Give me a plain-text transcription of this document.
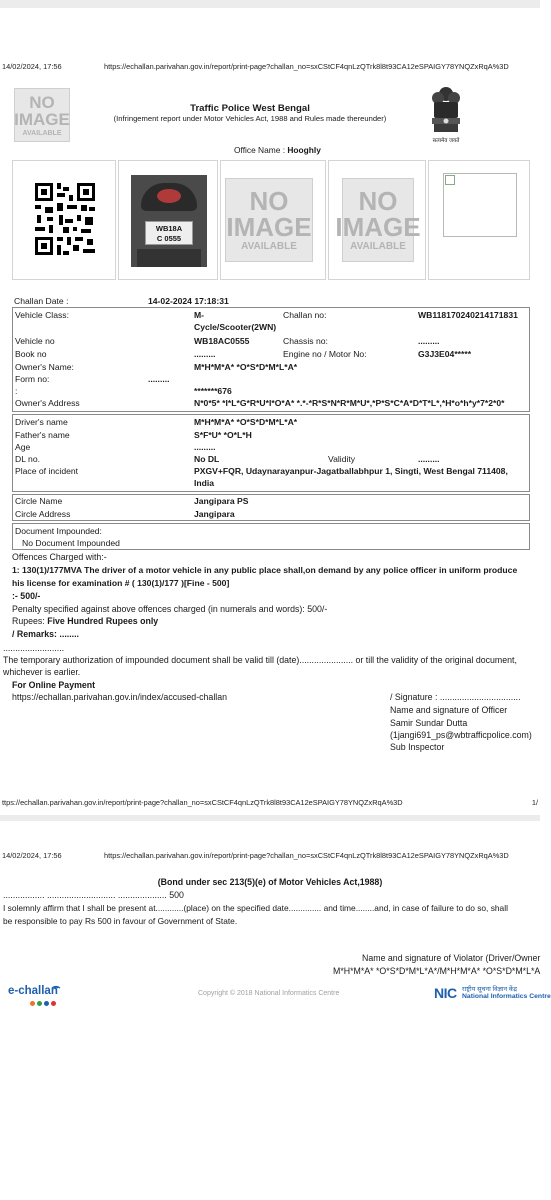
14/02/2024, 17:56	https://echallan.parivahan.gov.in/report/print-page?challan_no=sxCStCF4qnLzQTrk8l8t93CA12eSPAIGY78YNQZxRqA%3D
NO
IMAGE
AVAILABLE
Traffic Police West Bengal
(Infringement report under Motor Vehicles Act, 1988 and Rules made thereunder)
सत्यमेव जयते
Office Name : Hooghly
WB18A
C 0555
NO
IMAGE
AVAILABLE
NO
IMAGE
AVAILABLE
Challan Date :	14-02-2024 17:18:31
Vehicle Class:	M-
Cycle/Scooter(2WN)
Challan no:	WB118170240214171831
Vehicle no	WB18AC0555	Chassis no:	.........
Book no	.........	Engine no / Motor No:	G3J3E04*****
Owner's Name:	M*H*M*A* *O*S*D*M*L*A*
Form no:	.........
:	*******676
Owner's Address	N*0*5* *I*L*G*R*U*I*O*A* *.*-*R*S*N*R*M*U*,*P*S*C*A*D*T*L*,*H*o*h*y*7*2*0*
Driver's name	M*H*M*A* *O*S*D*M*L*A*
Father's name	S*F*U* *O*L*H
Age	.........
DL no.	No DL	Validity	.........
Place of incident	PXGV+FQR, Udaynarayanpur-Jagatballabhpur 1, Singti, West Bengal 711408,
India
Circle Name	Jangipara PS
Circle Address	Jangipara
Document Impounded:
No Document Impounded
Offences Charged with:-
1: 130(1)/177MVA The driver of a motor vehicle in any public place shall,on demand by any police officer in uniform produce
his license for examination # ( 130(1)/177 )[Fine - 500]
:- 500/-
Penalty specified against above offences charged (in numerals and words): 500/-
Rupees: Five Hundred Rupees only
/ Remarks: ........
.........................
The temporary authorization of impounded document shall be valid till (date)...................... or till the validity of the original document,
whichever is earlier.
For Online Payment
https://echallan.parivahan.gov.in/index/accused-challan	/ Signature : .................................
Name and signature of Officer
Samir Sundar Dutta
(1jangi691_ps@wbtrafficpolice.com)
Sub Inspector
ttps://echallan.parivahan.gov.in/report/print-page?challan_no=sxCStCF4qnLzQTrk8l8t93CA12eSPAIGY78YNQZxRqA%3D	1/
14/02/2024, 17:56	https://echallan.parivahan.gov.in/report/print-page?challan_no=sxCStCF4qnLzQTrk8l8t93CA12eSPAIGY78YNQZxRqA%3D
(Bond under sec 213(5)(e) of Motor Vehicles Act,1988)
................. ............................ .................... 500
I solemnly affirm that I shall be present at............(place) on the specified date.............. and time........and, in case of failure to do so, shall
be responsible to pay Rs 500 in favour of Government of State.
Name and signature of Violator (Driver/Owner
M*H*M*A* *O*S*D*M*L*A*/M*H*M*A* *O*S*D*M*L*A
e-challan	Copyright © 2018 National Informatics Centre	NIC राष्ट्रीय सूचना विज्ञान केंद्र
National Informatics Centre
